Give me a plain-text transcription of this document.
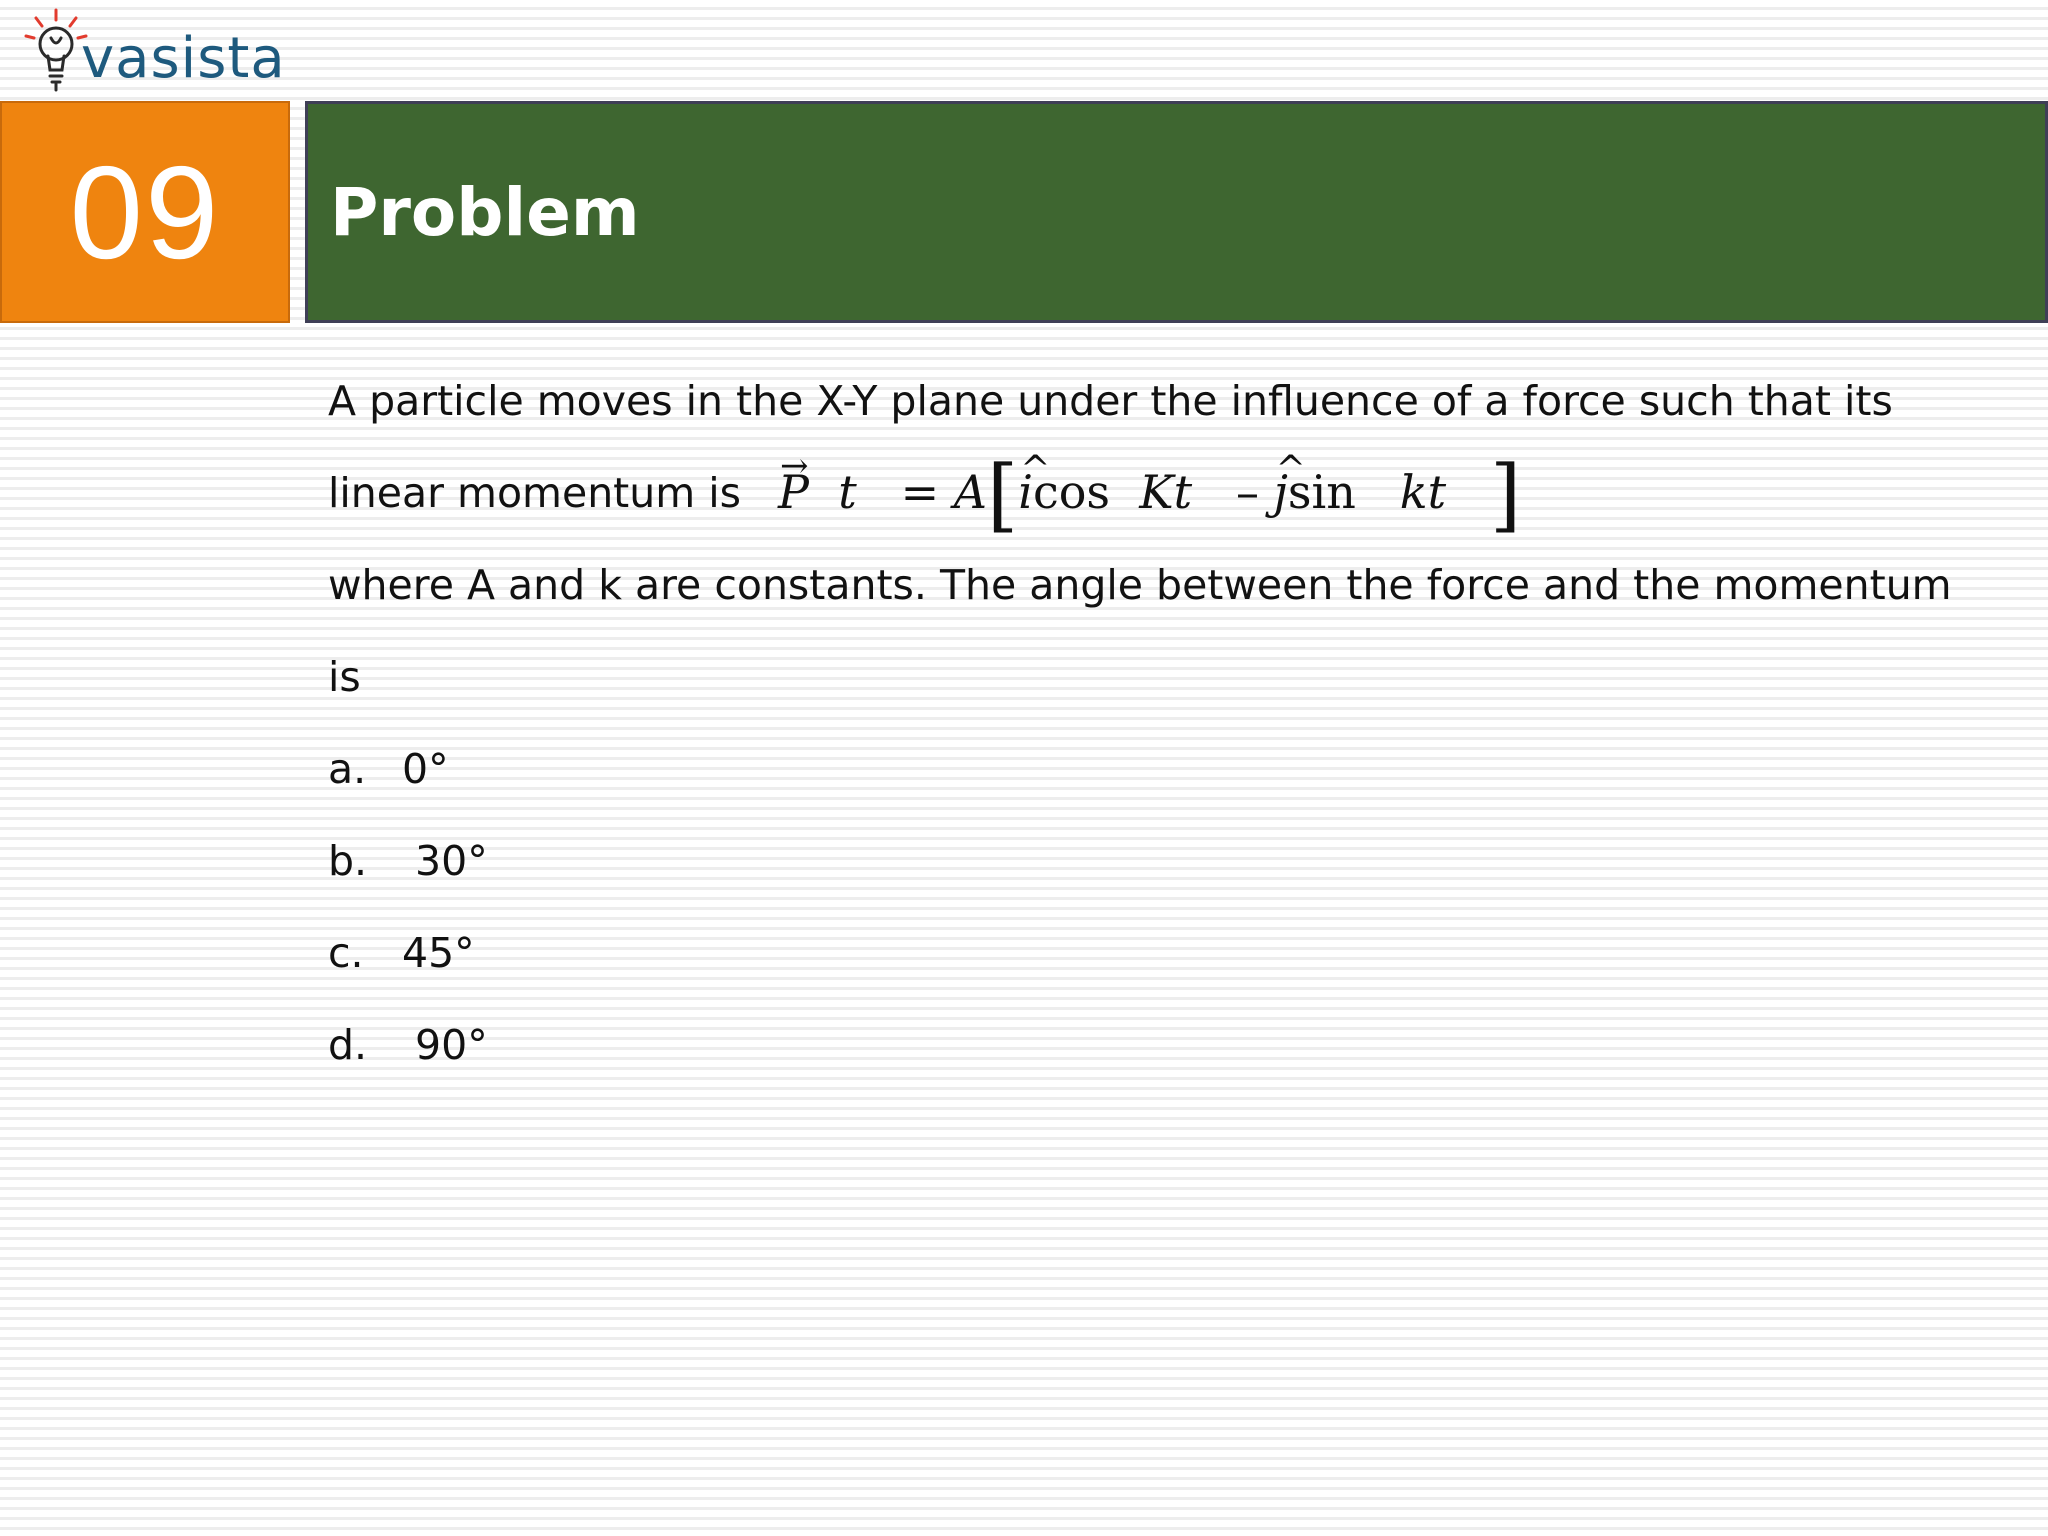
vasista
09 Problem
A particle moves in the X-Y plane under the influence of a force such that its
linear momentum is → P t = A[^ icos Kt – ^ jsin kt ]
where A and k are constants. The angle between the force and the momentum
is
a. 0°
b. 30°
c. 45°
d. 90°
